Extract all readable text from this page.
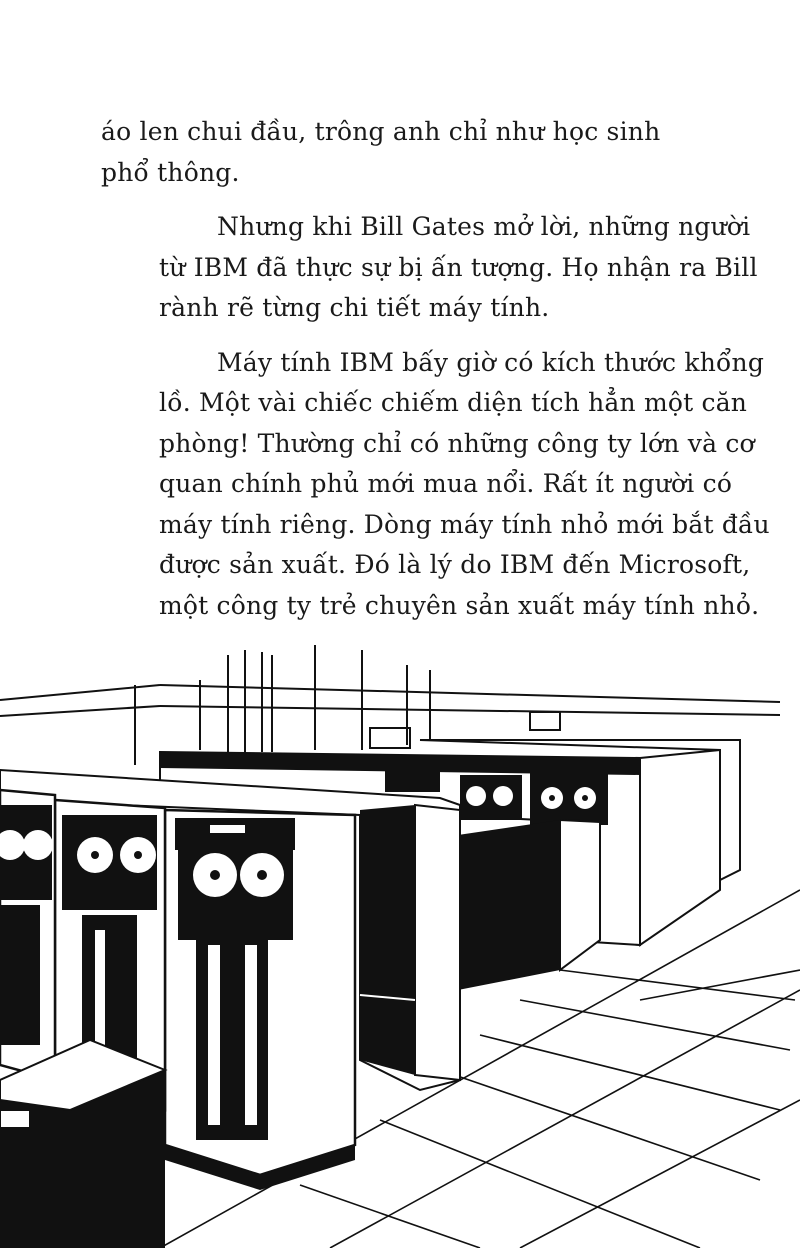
áo len chui đầu, trông anh chỉ như học sinh
phổ thông.

Nhưng khi Bill Gates mở lời, những người
từ IBM đã thực sự bị ấn tượng. Họ nhận ra Bill
rành rẽ từng chi tiết máy tính.

Máy tính IBM bấy giờ có kích thước khổng
lồ. Một vài chiếc chiếm diện tích hẳn một căn
phòng! Thường chỉ có những công ty lớn và cơ
quan chính phủ mới mua nổi. Rất ít người có
máy tính riêng. Dòng máy tính nhỏ mới bắt đầu
được sản xuất. Đó là lý do IBM đến Microsoft,
một công ty trẻ chuyên sản xuất máy tính nhỏ.
